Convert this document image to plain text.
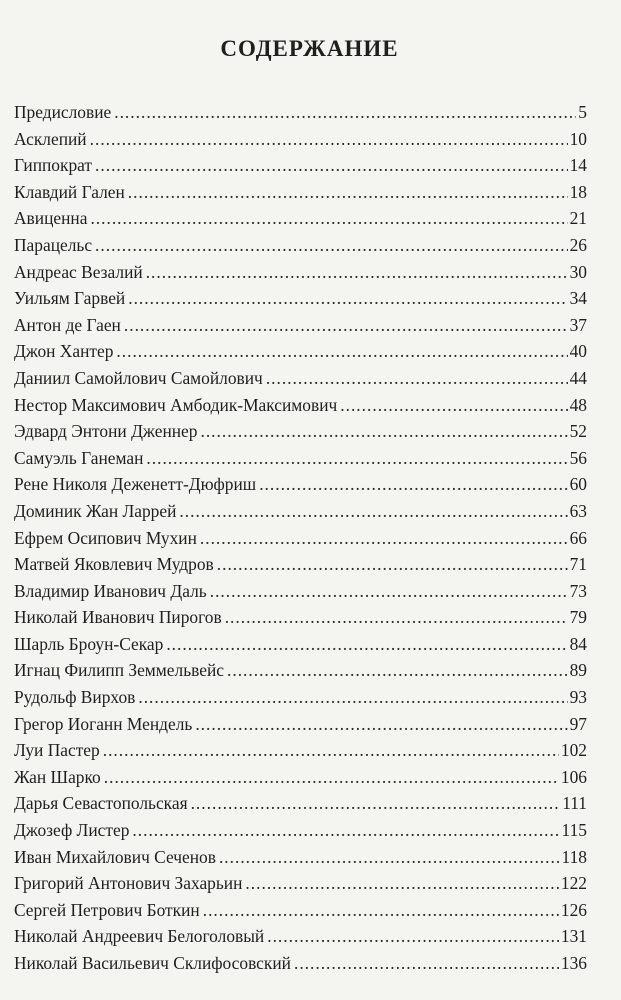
СОДЕРЖАНИЕ
Предисловие .....	5
Асклепий .....	10
Гиппократ .....	14
Клавдий Гален .....	18
Авиценна .....	21
Парацельс .....	26
Андреас Везалий .....	30
Уильям Гарвей .....	34
Антон де Гаен .....	37
Джон Хантер .....	40
Даниил Самойлович Самойлович .....	44
Нестор Максимович Амбодик-Максимович .....	48
Эдвард Энтони Дженнер .....	52
Самуэль Ганеман .....	56
Рене Николя Деженетт-Дюфриш .....	60
Доминик Жан Ларрей .....	63
Ефрем Осипович Мухин .....	66
Матвей Яковлевич Мудров .....	71
Владимир Иванович Даль .....	73
Николай Иванович Пирогов .....	79
Шарль Броун-Секар .....	84
Игнац Филипп Земмельвейс .....	89
Рудольф Вирхов .....	93
Грегор Иоганн Мендель .....	97
Луи Пастер .....	102
Жан Шарко .....	106
Дарья Севастопольская .....	111
Джозеф Листер .....	115
Иван Михайлович Сеченов .....	118
Григорий Антонович Захарьин .....	122
Сергей Петрович Боткин .....	126
Николай Андреевич Белоголовый .....	131
Николай Васильевич Склифосовский .....	136
